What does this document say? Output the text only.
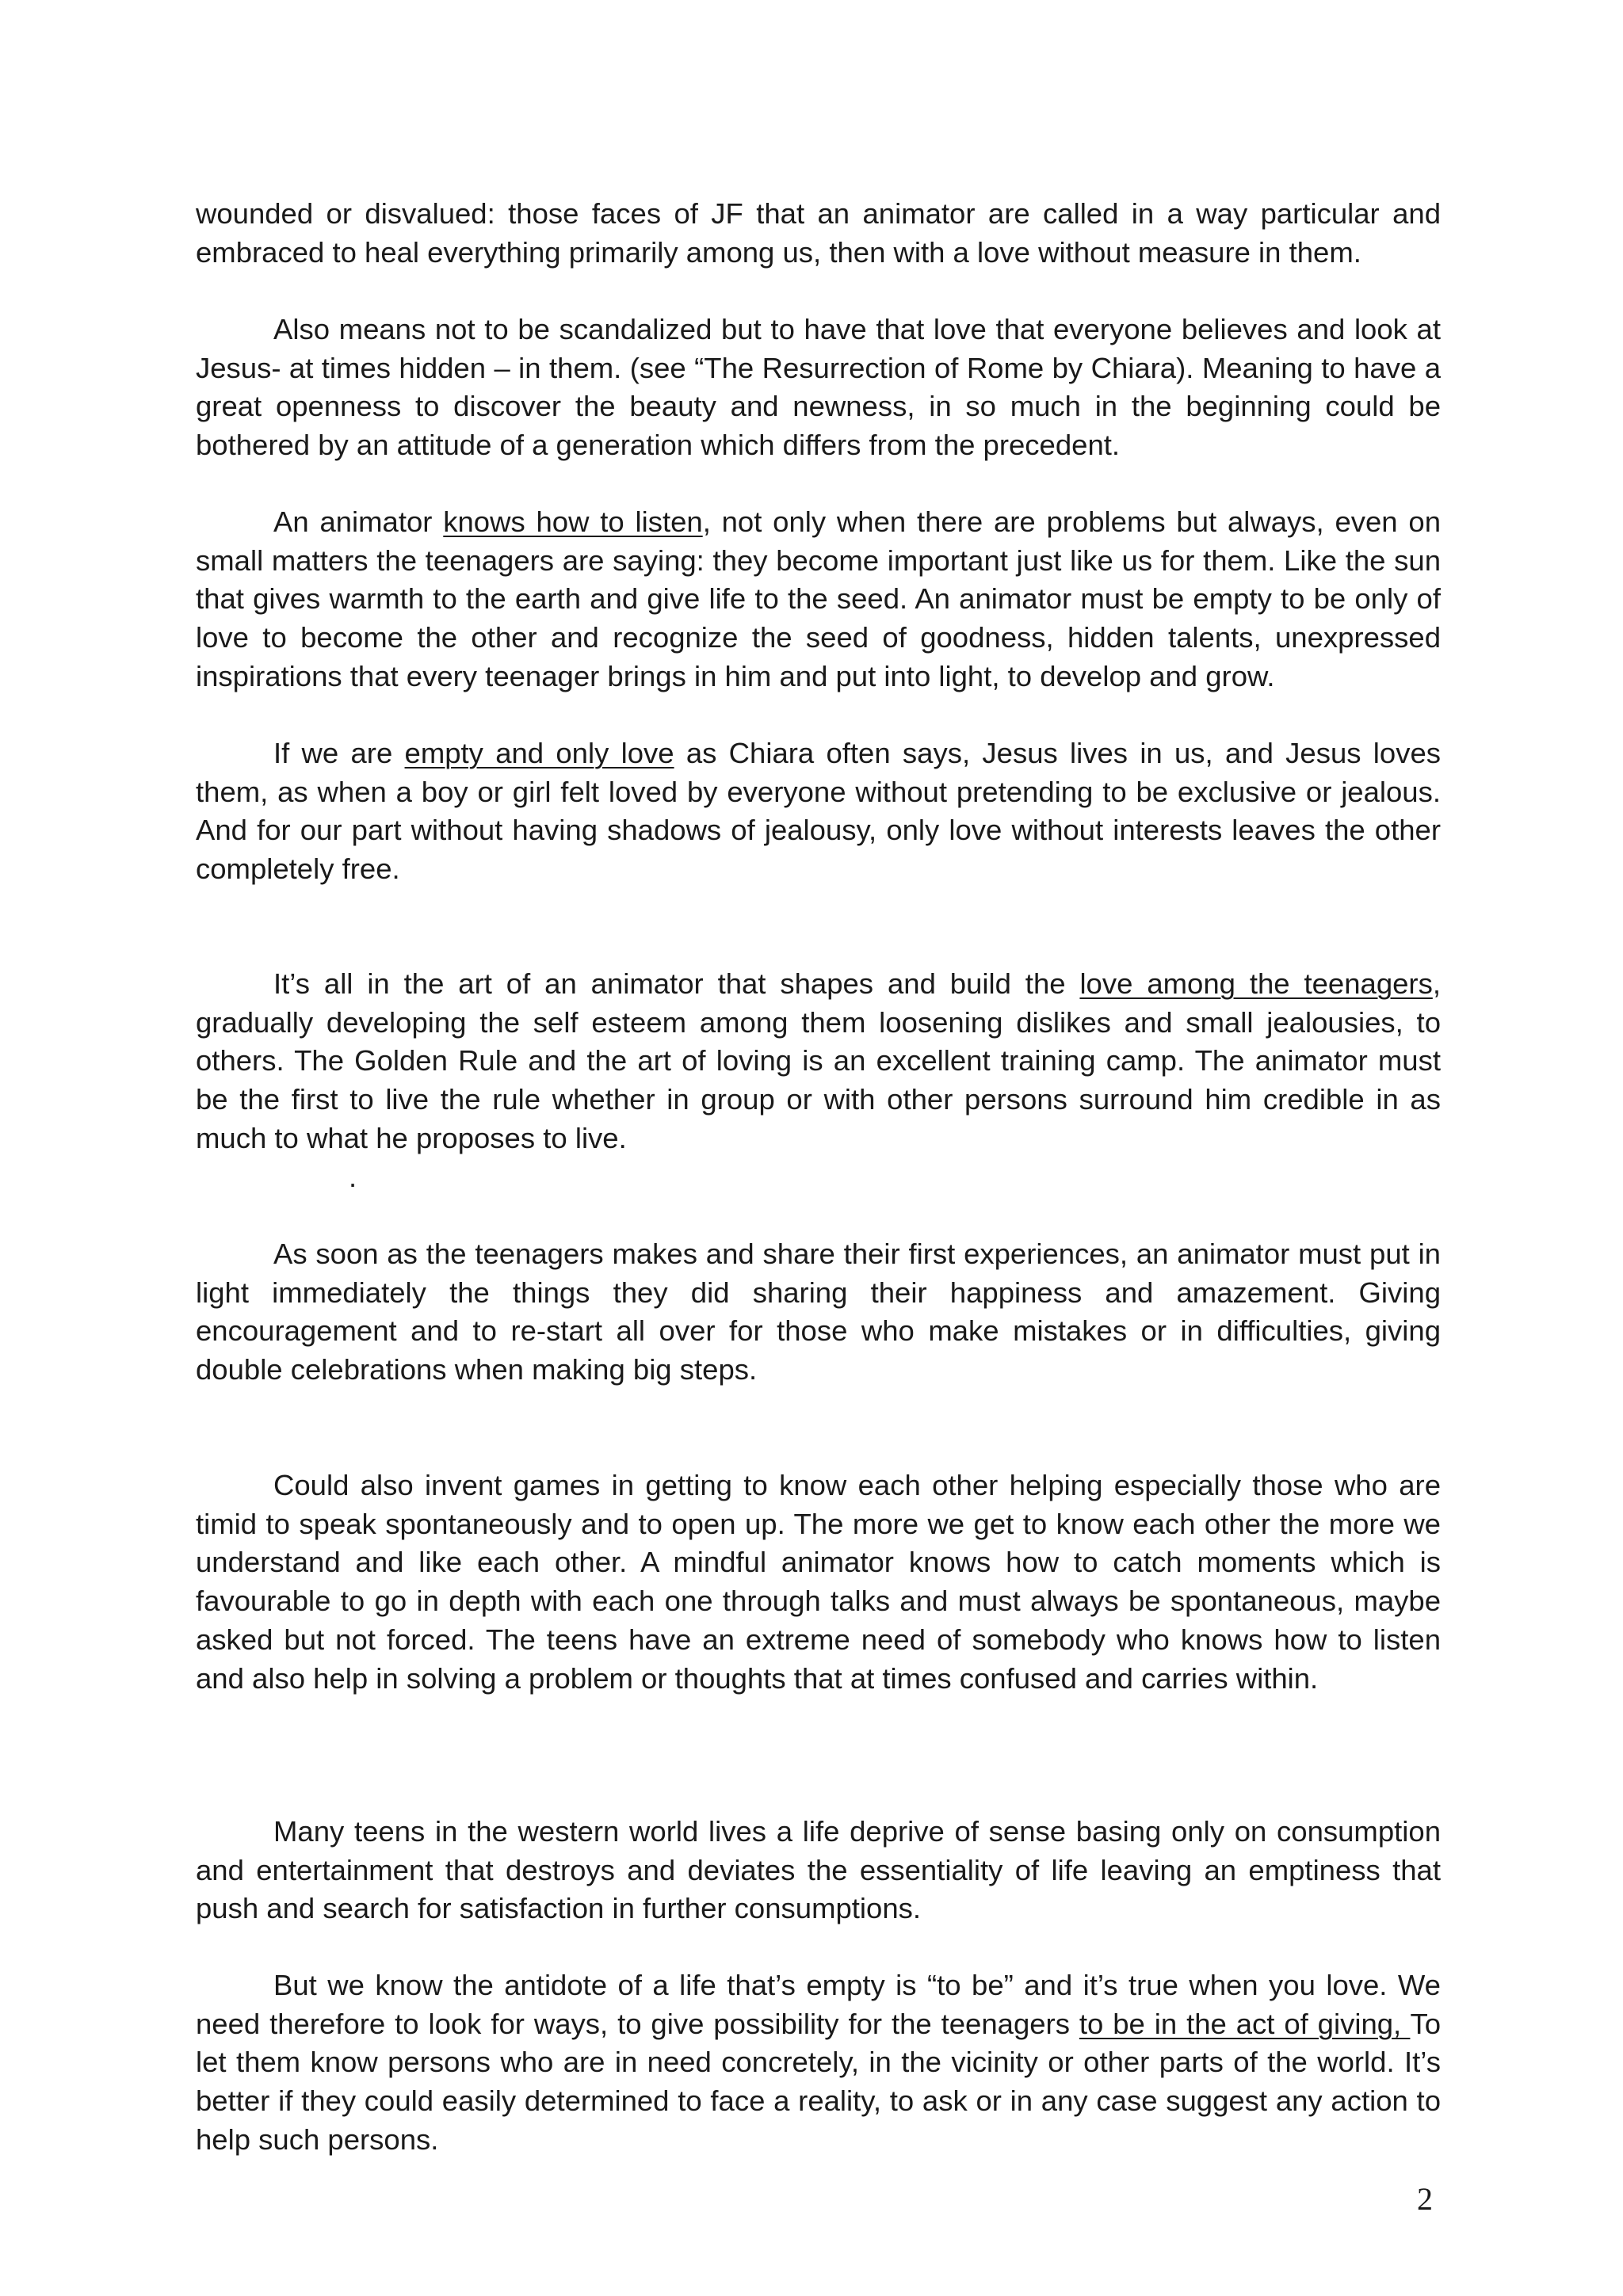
wounded or disvalued: those faces of JF that an animator are called in a way particular and embraced to heal everything primarily among us, then with a love without measure in them.

Also means not to be scandalized but to have that love that everyone believes and look at Jesus- at times hidden – in them. (see “The Resurrection of Rome by Chiara). Meaning to have a great openness to discover the beauty and newness, in so much in the beginning could be bothered by an attitude of a generation which differs from the precedent.

An animator knows how to listen, not only when there are problems but always, even on small matters the teenagers are saying: they become important just like us for them. Like the sun that gives warmth to the earth and give life to the seed. An animator must be empty to be only of love to become the other and recognize the seed of goodness, hidden talents, unexpressed inspirations that every teenager brings in him and put into light, to develop and grow.

If we are empty and only love as Chiara often says, Jesus lives in us, and Jesus loves them, as when a boy or girl felt loved by everyone without pretending to be exclusive or jealous. And for our part without having shadows of jealousy, only love without interests leaves the other completely free.

It’s all in the art of an animator that shapes and build the love among the teenagers, gradually developing the self esteem among them loosening dislikes and small jealousies, to others. The Golden Rule and the art of loving is an excellent training camp. The animator must be the first to live the rule whether in group or with other persons surround him credible in as much to what he proposes to live.

.

As soon as the teenagers makes and share their first experiences, an animator must put in light immediately the things they did sharing their happiness and amazement. Giving encouragement and to re-start all over for those who make mistakes or in difficulties, giving double celebrations when making big steps.

Could also invent games in getting to know each other helping especially those who are timid to speak spontaneously and to open up. The more we get to know each other the more we understand and like each other. A mindful animator knows how to catch moments which is favourable to go in depth with each one through talks and must always be spontaneous, maybe asked but not forced. The teens have an extreme need of somebody who knows how to listen and also help in solving a problem or thoughts that at times confused and carries within.

Many teens in the western world lives a life deprive of sense basing only on consumption and entertainment that destroys and deviates the essentiality of life leaving an emptiness that push and search for satisfaction in further consumptions.

But we know the antidote of a life that’s empty is “to be” and it’s true when you love. We need therefore to look for ways, to give possibility for the teenagers to be in the act of giving, To let them know persons who are in need concretely, in the vicinity or other parts of the world. It’s better if they could easily determined to face a reality, to ask or in any case suggest any action to help such persons.

2
